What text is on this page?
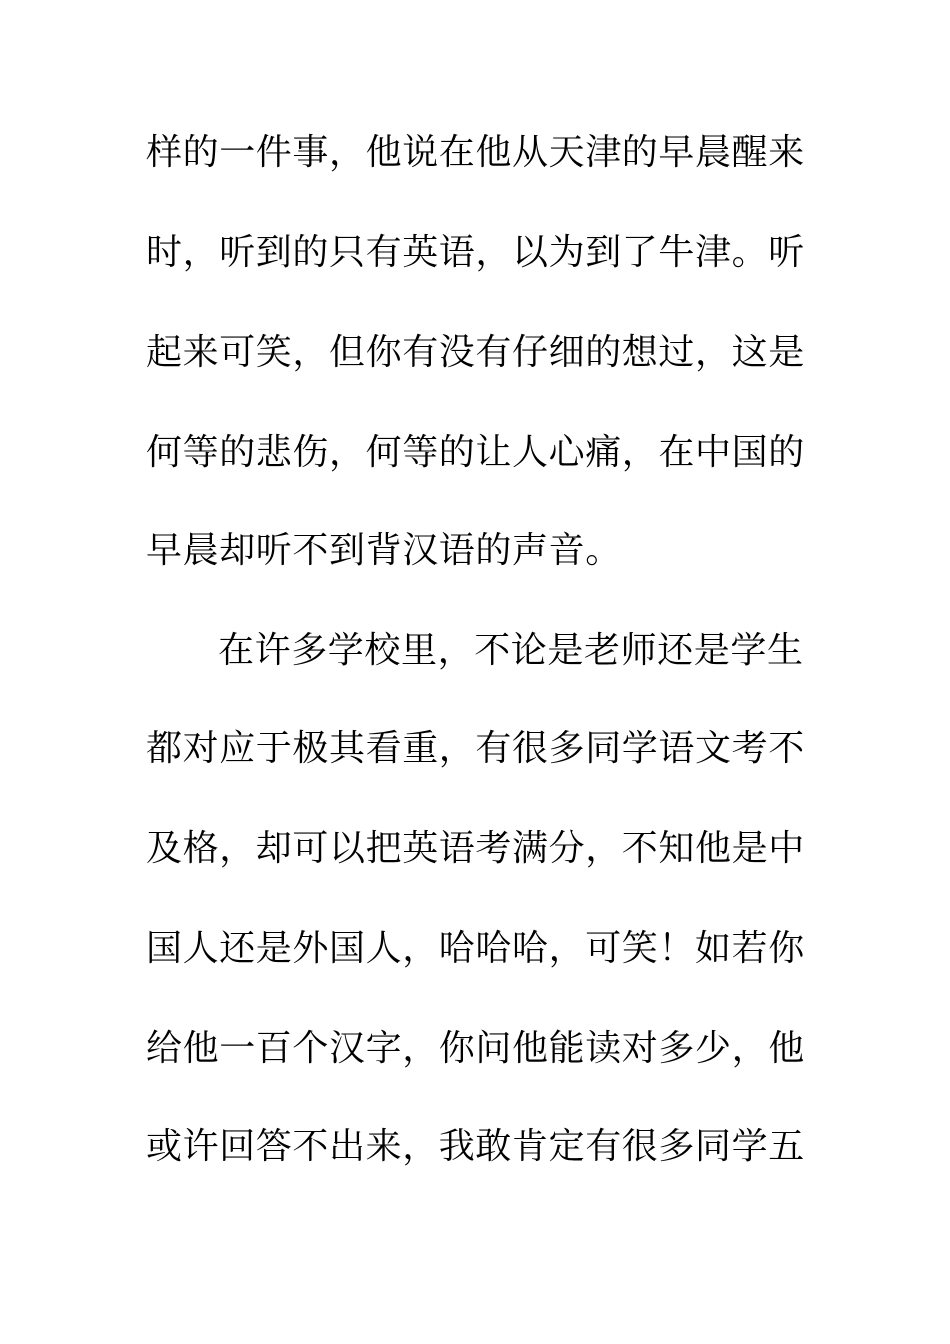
样的一件事，他说在他从天津的早晨醒来
时，听到的只有英语，以为到了牛津。听
起来可笑，但你有没有仔细的想过，这是
何等的悲伤，何等的让人心痛，在中国的
早晨却听不到背汉语的声音。
在许多学校里，不论是老师还是学生
都对应于极其看重，有很多同学语文考不
及格，却可以把英语考满分，不知他是中
国人还是外国人，哈哈哈，可笑！如若你
给他一百个汉字，你问他能读对多少，他
或许回答不出来，我敢肯定有很多同学五
